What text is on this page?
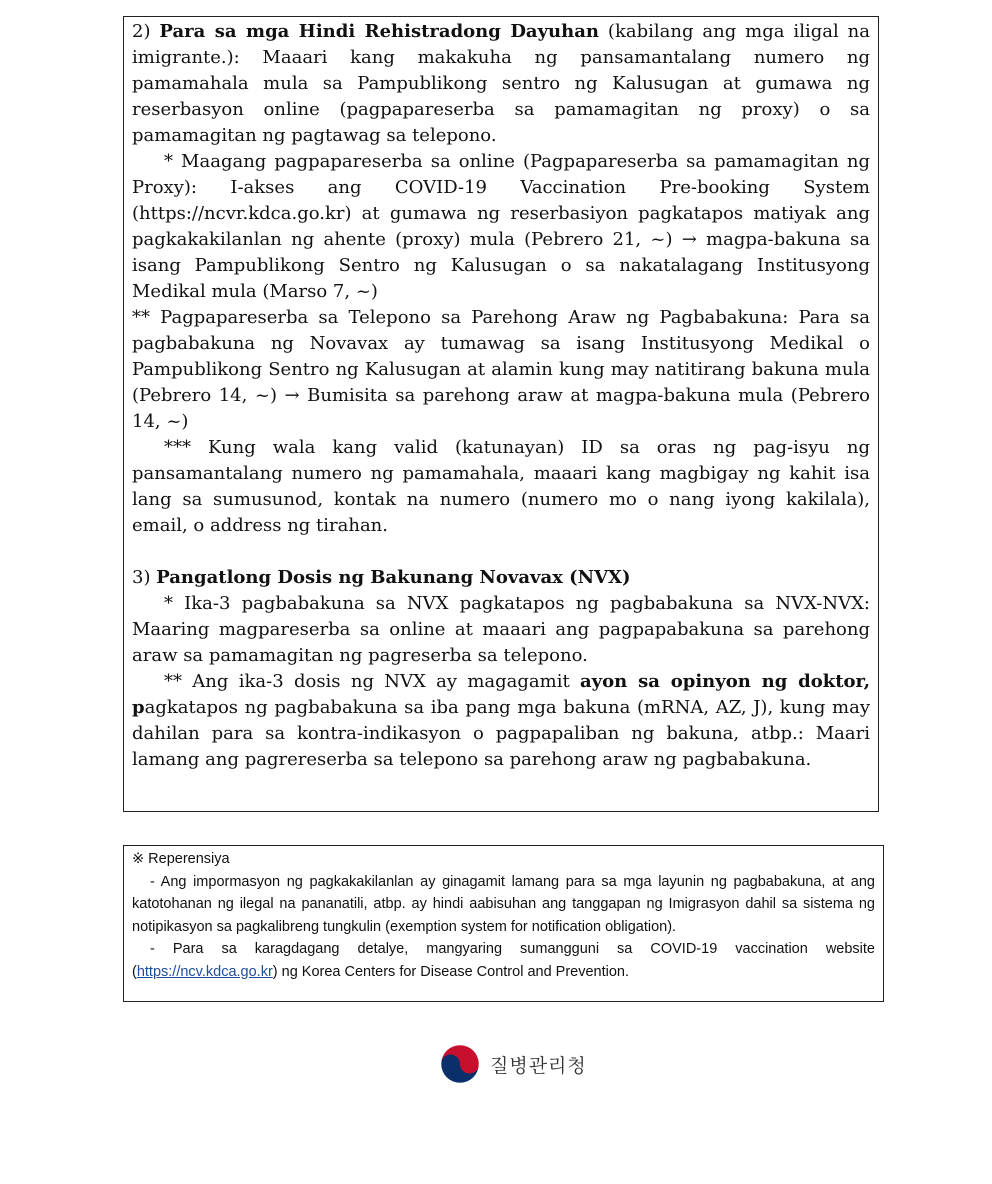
2) Para sa mga Hindi Rehistradong Dayuhan (kabilang ang mga iligal na imigrante.): Maaari kang makakuha ng pansamantalang numero ng pamamahala mula sa Pampublikong sentro ng Kalusugan at gumawa ng reserbasyon online (pagpapareserba sa pamamagitan ng proxy) o sa pamamagitan ng pagtawag sa telepono.

* Maagang pagpapareserba sa online (Pagpapareserba sa pamamagitan ng Proxy): I-akses ang COVID-19 Vaccination Pre-booking System (https://ncvr.kdca.go.kr) at gumawa ng reserbasiyon pagkatapos matiyak ang pagkakakilanlan ng ahente (proxy) mula (Pebrero 21, ~) → magpa-bakuna sa isang Pampublikong Sentro ng Kalusugan o sa nakatalagang Institusyong Medikal mula (Marso 7, ~)

** Pagpapareserba sa Telepono sa Parehong Araw ng Pagbabakuna: Para sa pagbabakuna ng Novavax ay tumawag sa isang Institusyong Medikal o Pampublikong Sentro ng Kalusugan at alamin kung may natitirang bakuna mula (Pebrero 14, ~) → Bumisita sa parehong araw at magpa-bakuna mula (Pebrero 14, ~)

*** Kung wala kang valid (katunayan) ID sa oras ng pag-isyu ng pansamantalang numero ng pamamahala, maaari kang magbigay ng kahit isa lang sa sumusunod, kontak na numero (numero mo o nang iyong kakilala), email, o address ng tirahan.

3) Pangatlong Dosis ng Bakunang Novavax (NVX)

* Ika-3 pagbabakuna sa NVX pagkatapos ng pagbabakuna sa NVX-NVX: Maaring magpareserba sa online at maaari ang pagpapabakuna sa parehong araw sa pamamagitan ng pagreserba sa telepono.

** Ang ika-3 dosis ng NVX ay magagamit ayon sa opinyon ng doktor, pagkatapos ng pagbabakuna sa iba pang mga bakuna (mRNA, AZ, J), kung may dahilan para sa kontra-indikasyon o pagpapaliban ng bakuna, atbp.: Maari lamang ang pagrereserba sa telepono sa parehong araw ng pagbabakuna.

※ Reperensiya

- Ang impormasyon ng pagkakakilanlan ay ginagamit lamang para sa mga layunin ng pagbabakuna, at ang katotohanan ng ilegal na pananatili, atbp. ay hindi aabisuhan ang tanggapan ng Imigrasyon dahil sa sistema ng notipikasyon sa pagkalibreng tungkulin (exemption system for notification obligation).

- Para sa karagdagang detalye, mangyaring sumangguni sa COVID-19 vaccination website (https://ncv.kdca.go.kr) ng Korea Centers for Disease Control and Prevention.

질병관리청
